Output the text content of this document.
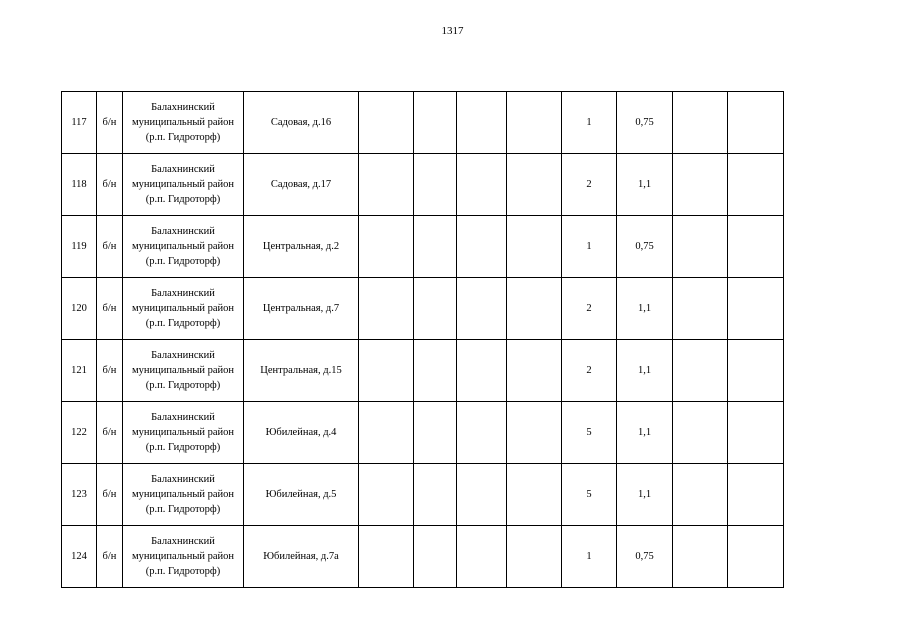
1317
117	б/н	Балахнинский
муниципальный район
(р.п. Гидроторф)	Садовая, д.16					1	0,75		
118	б/н	Балахнинский
муниципальный район
(р.п. Гидроторф)	Садовая, д.17					2	1,1		
119	б/н	Балахнинский
муниципальный район
(р.п. Гидроторф)	Центральная, д.2					1	0,75		
120	б/н	Балахнинский
муниципальный район
(р.п. Гидроторф)	Центральная, д.7					2	1,1		
121	б/н	Балахнинский
муниципальный район
(р.п. Гидроторф)	Центральная, д.15					2	1,1		
122	б/н	Балахнинский
муниципальный район
(р.п. Гидроторф)	Юбилейная, д.4					5	1,1		
123	б/н	Балахнинский
муниципальный район
(р.п. Гидроторф)	Юбилейная, д.5					5	1,1		
124	б/н	Балахнинский
муниципальный район
(р.п. Гидроторф)	Юбилейная, д.7а					1	0,75		
